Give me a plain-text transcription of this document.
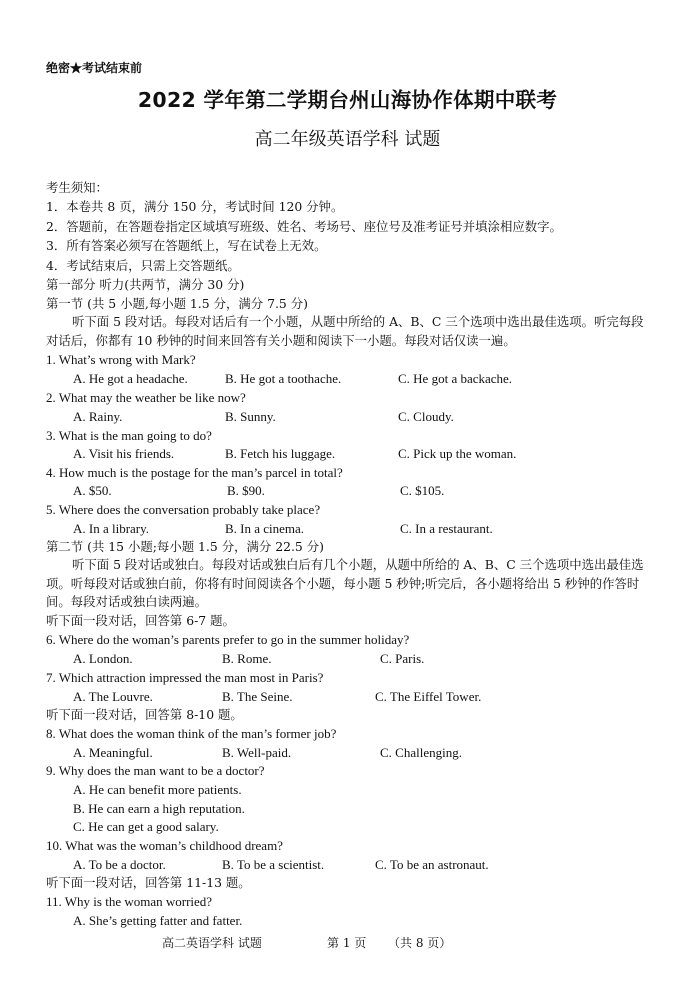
绝密★考试结束前
2022 学年第二学期台州山海协作体期中联考
高二年级英语学科 试题
考生须知：
1．本卷共 8 页，满分 150 分，考试时间 120 分钟。
2．答题前，在答题卷指定区域填写班级、姓名、考场号、座位号及准考证号并填涂相应数字。
3．所有答案必须写在答题纸上，写在试卷上无效。
4．考试结束后，只需上交答题纸。
第一部分 听力(共两节，满分 30 分)
第一节 (共 5 小题,每小题 1.5 分，满分 7.5 分)
听下面 5 段对话。每段对话后有一个小题，从题中所给的 A、B、C 三个选项中选出最佳选项。听完每段对话后，你都有 10 秒钟的时间来回答有关小题和阅读下一小题。每段对话仅读一遍。
1. What’s wrong with Mark?
A. He got a headache.	B. He got a toothache.	C. He got a backache.
2. What may the weather be like now?
A. Rainy.	B. Sunny.	C. Cloudy.
3. What is the man going to do?
A. Visit his friends.	B. Fetch his luggage.	C. Pick up the woman.
4. How much is the postage for the man’s parcel in total?
A. $50.	B. $90.	C. $105.
5. Where does the conversation probably take place?
A. In a library.	B. In a cinema.	C. In a restaurant.
第二节 (共 15 小题;每小题 1.5 分，满分 22.5 分)
听下面 5 段对话或独白。每段对话或独白后有几个小题，从题中所给的 A、B、C 三个选项中选出最佳选项。听每段对话或独白前，你将有时间阅读各个小题，每小题 5 秒钟;听完后，各小题将给出 5 秒钟的作答时间。每段对话或独白读两遍。
听下面一段对话，回答第 6-7 题。
6. Where do the woman’s parents prefer to go in the summer holiday?
A. London.	B. Rome.	C. Paris.
7. Which attraction impressed the man most in Paris?
A. The Louvre.	B. The Seine.	C. The Eiffel Tower.
听下面一段对话，回答第 8-10 题。
8. What does the woman think of the man’s former job?
A. Meaningful.	B. Well-paid.	C. Challenging.
9. Why does the man want to be a doctor?
A. He can benefit more patients.
B. He can earn a high reputation.
C. He can get a good salary.
10. What was the woman’s childhood dream?
A. To be a doctor.	B. To be a scientist.	C. To be an astronaut.
听下面一段对话，回答第 11-13 题。
11. Why is the woman worried?
A. She’s getting fatter and fatter.
高二英语学科 试题	第 1 页 （共 8 页）
